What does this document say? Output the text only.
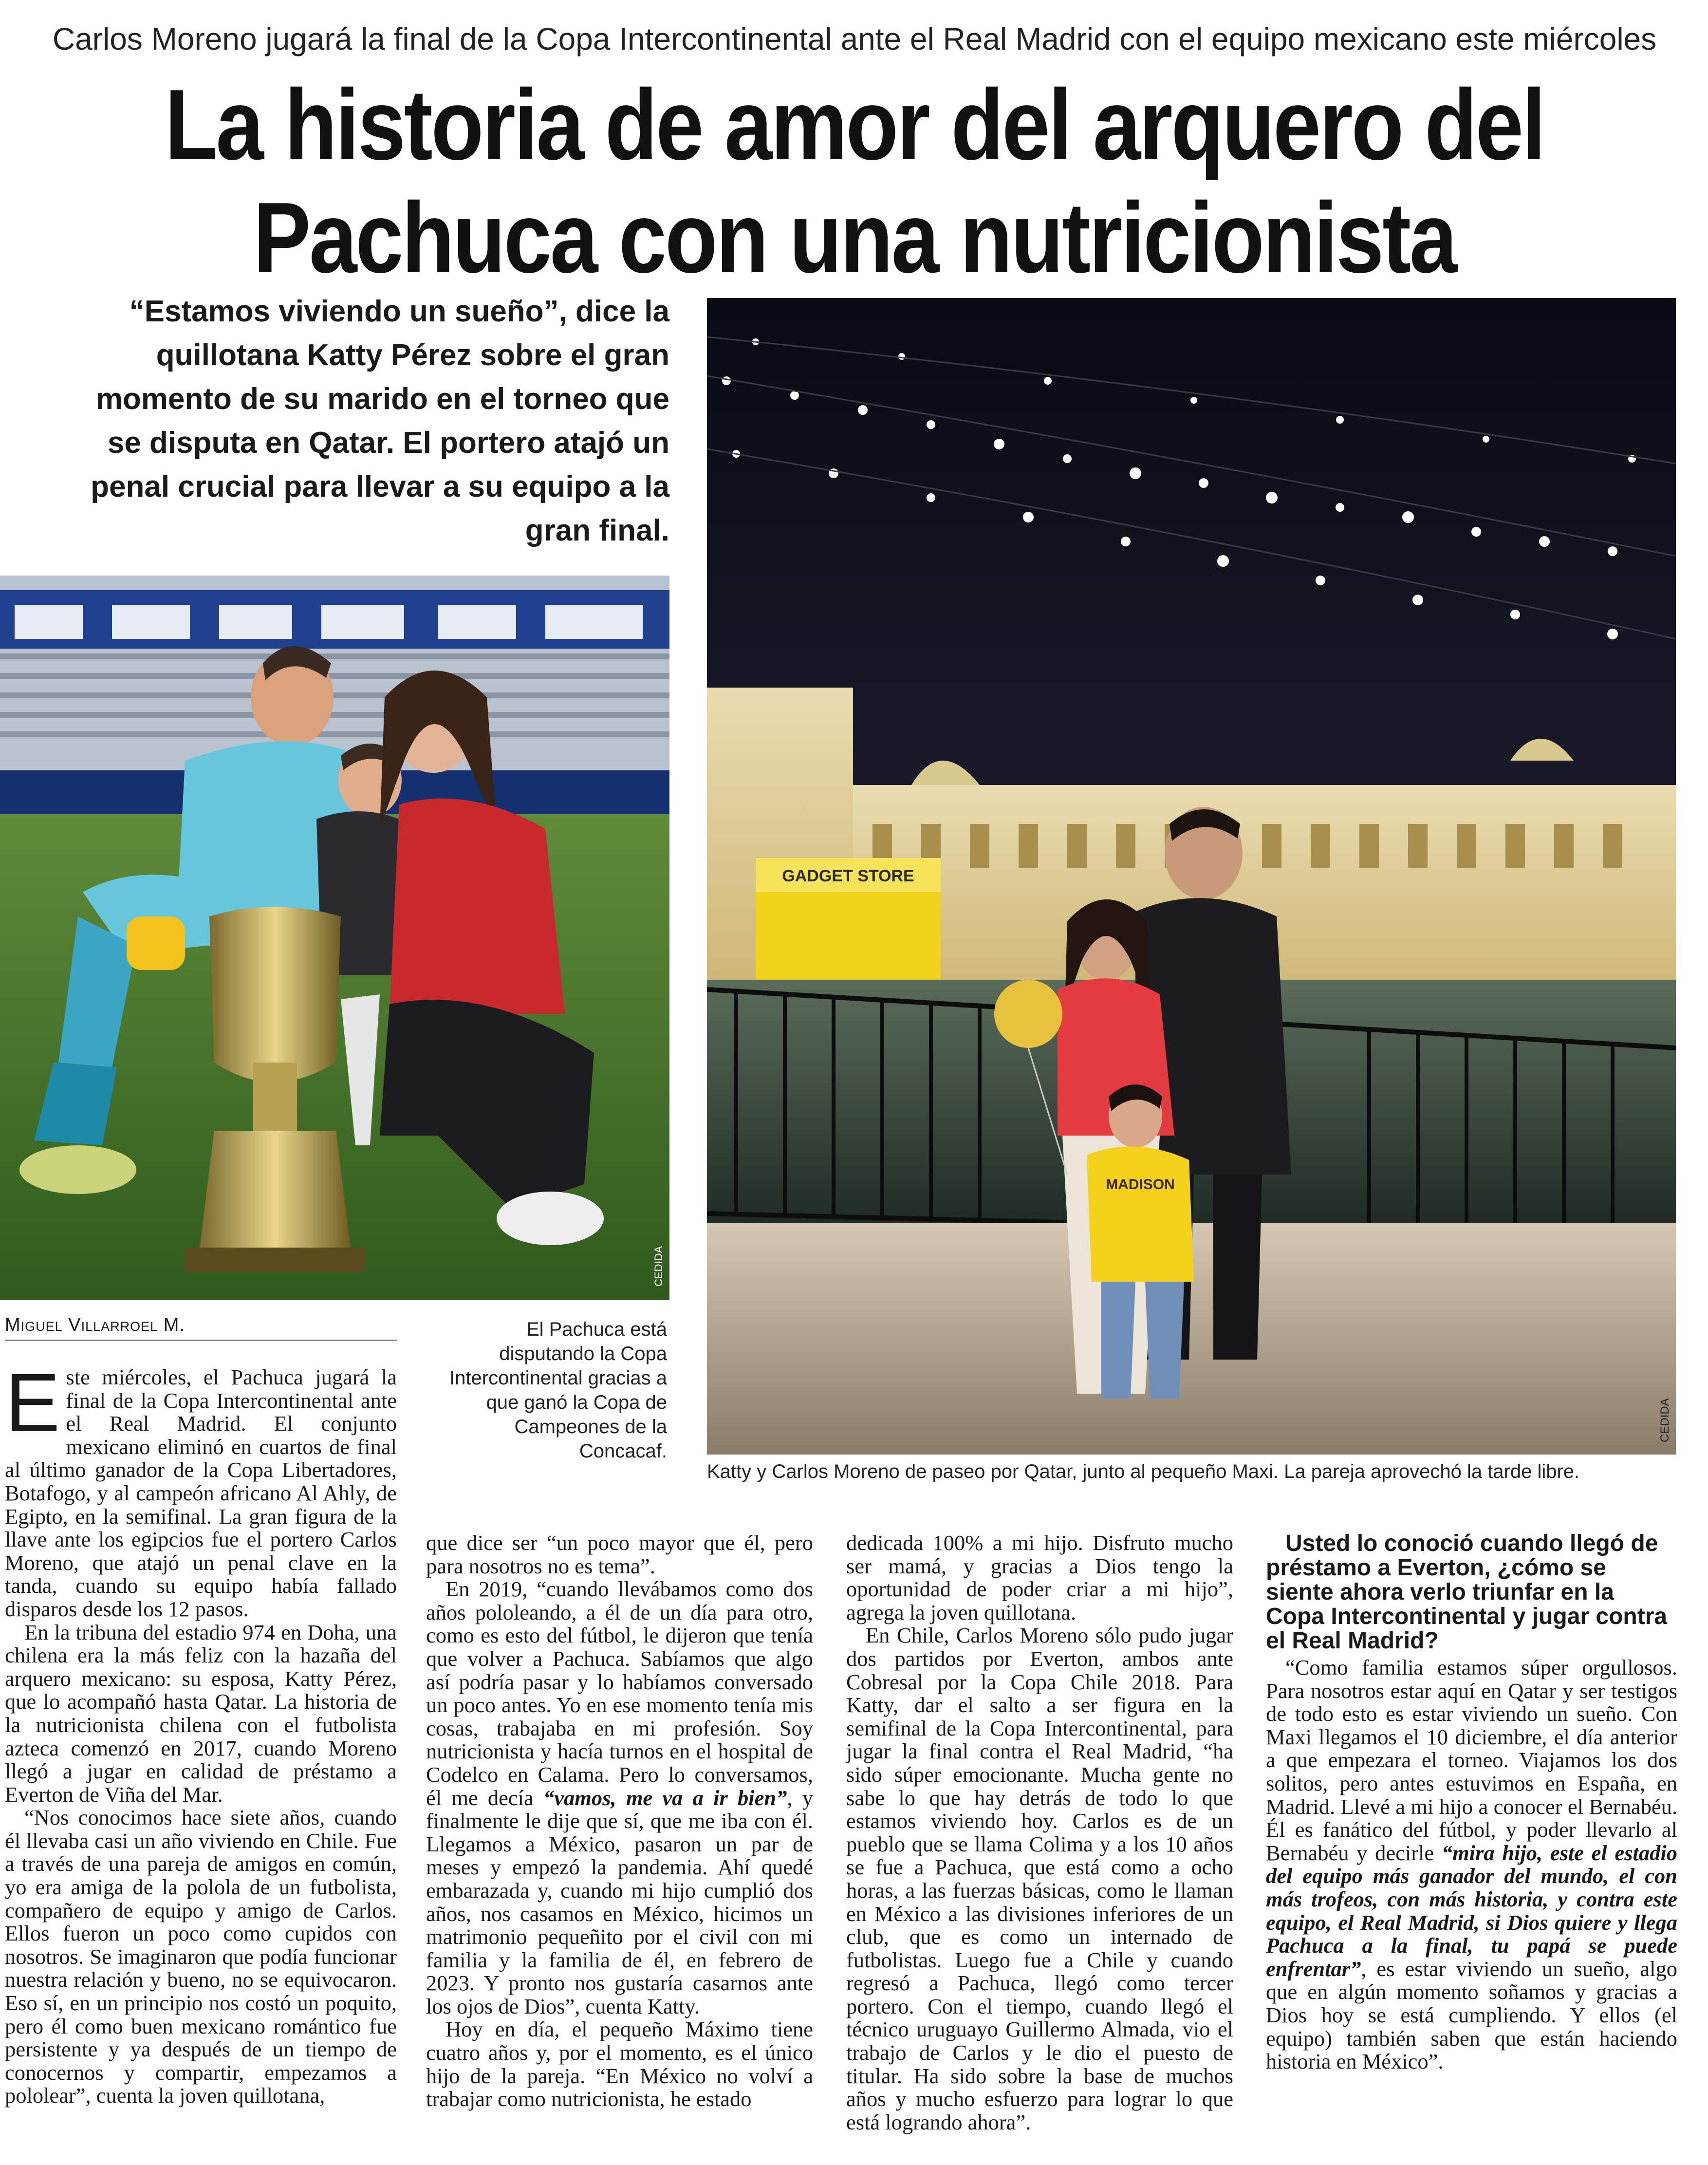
Carlos Moreno jugará la final de la Copa Intercontinental ante el Real Madrid con el equipo mexicano este miércoles
La historia de amor del arquero del
Pachuca con una nutricionista
“Estamos viviendo un sueño”, dice la quillotana Katty Pérez sobre el gran momento de su marido en el torneo que se disputa en Qatar. El portero atajó un penal crucial para llevar a su equipo a la gran final.
CEDIDA
GADGET STORE
MADISON
CEDIDA
Miguel Villarroel M.	El Pachuca está disputando la Copa Intercontinental gracias a que ganó la Copa de Campeones de la Concacaf.
Katty y Carlos Moreno de paseo por Qatar, junto al pequeño Maxi. La pareja aprovechó la tarde libre.

Este miércoles, el Pachuca jugará la final de la Copa Intercontinental ante el Real Madrid. El conjunto mexicano eliminó en cuartos de final al último ganador de la Copa Libertadores, Botafogo, y al campeón africano Al Ahly, de Egipto, en la semifinal. La gran figura de la llave ante los egipcios fue el portero Carlos Moreno, que atajó un penal clave en la tanda, cuando su equipo había fallado disparos desde los 12 pasos.

En la tribuna del estadio 974 en Doha, una chilena era la más feliz con la hazaña del arquero mexicano: su esposa, Katty Pérez, que lo acompañó hasta Qatar. La historia de la nutricionista chilena con el futbolista azteca comenzó en 2017, cuando Moreno llegó a jugar en calidad de préstamo a Everton de Viña del Mar.

“Nos conocimos hace siete años, cuando él llevaba casi un año viviendo en Chile. Fue a través de una pareja de amigos en común, yo era amiga de la polola de un futbolista, compañero de equipo y amigo de Carlos. Ellos fueron un poco como cupidos con nosotros. Se imaginaron que podía funcionar nuestra relación y bueno, no se equivocaron. Eso sí, en un principio nos costó un poquito, pero él como buen mexicano romántico fue persistente y ya después de un tiempo de conocernos y compartir, empezamos a pololear”, cuenta la joven quillotana,

que dice ser “un poco mayor que él, pero para nosotros no es tema”.

En 2019, “cuando llevábamos como dos años pololeando, a él de un día para otro, como es esto del fútbol, le dijeron que tenía que volver a Pachuca. Sabíamos que algo así podría pasar y lo habíamos conversado un poco antes. Yo en ese momento tenía mis cosas, trabajaba en mi profesión. Soy nutricionista y hacía turnos en el hospital de Codelco en Calama. Pero lo conversamos, él me decía “vamos, me va a ir bien”, y finalmente le dije que sí, que me iba con él. Llegamos a México, pasaron un par de meses y empezó la pandemia. Ahí quedé embarazada y, cuando mi hijo cumplió dos años, nos casamos en México, hicimos un matrimonio pequeñito por el civil con mi familia y la familia de él, en febrero de 2023. Y pronto nos gustaría casarnos ante los ojos de Dios”, cuenta Katty.

Hoy en día, el pequeño Máximo tiene cuatro años y, por el momento, es el único hijo de la pareja. “En México no volví a trabajar como nutricionista, he estado

dedicada 100% a mi hijo. Disfruto mucho ser mamá, y gracias a Dios tengo la oportunidad de poder criar a mi hijo”, agrega la joven quillotana.

En Chile, Carlos Moreno sólo pudo jugar dos partidos por Everton, ambos ante Cobresal por la Copa Chile 2018. Para Katty, dar el salto a ser figura en la semifinal de la Copa Intercontinental, para jugar la final contra el Real Madrid, “ha sido súper emocionante. Mucha gente no sabe lo que hay detrás de todo lo que estamos viviendo hoy. Carlos es de un pueblo que se llama Colima y a los 10 años se fue a Pachuca, que está como a ocho horas, a las fuerzas básicas, como le llaman en México a las divisiones inferiores de un club, que es como un internado de futbolistas. Luego fue a Chile y cuando regresó a Pachuca, llegó como tercer portero. Con el tiempo, cuando llegó el técnico uruguayo Guillermo Almada, vio el trabajo de Carlos y le dio el puesto de titular. Ha sido sobre la base de muchos años y mucho esfuerzo para lograr lo que está logrando ahora”.

Usted lo conoció cuando llegó de préstamo a Everton, ¿cómo se siente ahora verlo triunfar en la Copa Intercontinental y jugar contra el Real Madrid?

“Como familia estamos súper orgullosos. Para nosotros estar aquí en Qatar y ser testigos de todo esto es estar viviendo un sueño. Con Maxi llegamos el 10 diciembre, el día anterior a que empezara el torneo. Viajamos los dos solitos, pero antes estuvimos en España, en Madrid. Llevé a mi hijo a conocer el Bernabéu. Él es fanático del fútbol, y poder llevarlo al Bernabéu y decirle “mira hijo, este el estadio del equipo más ganador del mundo, el con más trofeos, con más historia, y contra este equipo, el Real Madrid, si Dios quiere y llega Pachuca a la final, tu papá se puede enfrentar”, es estar viviendo un sueño, algo que en algún momento soñamos y gracias a Dios hoy se está cumpliendo. Y ellos (el equipo) también saben que están haciendo historia en México”.
